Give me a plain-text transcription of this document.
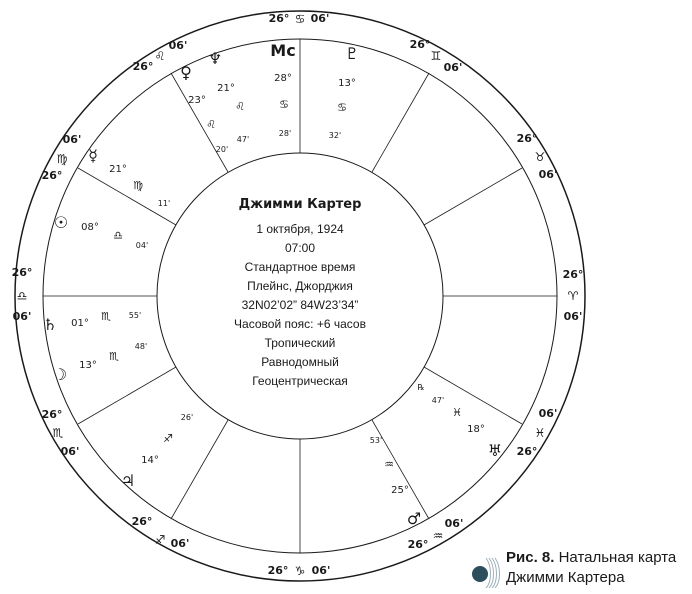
Джимми Картер
1 октября, 1924
07:00
Стандартное время
Плейнс, Джорджия
32N02’02” 84W23’34”
Часовой пояс: +6 часов
Тропический
Равнодомный
Геоцентрическая
26°
♎
06'
26°
♏
06'
26°
♐ 06'
26° ♑ 06'
26°
♒
06'
06'
♓
26°
26°
♈
06'
26°
♉
06'
26°
♊
06'
26° ♋ 06'
26°
♌
06'
06'
♍
26°
Mc
28°
♋
28'
♇
13°
♋
32'
♆
21°
♌
20'
♀
23°
♌
47'
☿
21°
♍
11'
☉ 08°
♎
04'
♄ 01°
♏ 55'
☽ 13°
♏
48'
♃
14°
♐
26'
♂
25°
♒
53'
♅
18°
♓
47'
℞
Рис. 8. Натальная карта
Джимми Картера
